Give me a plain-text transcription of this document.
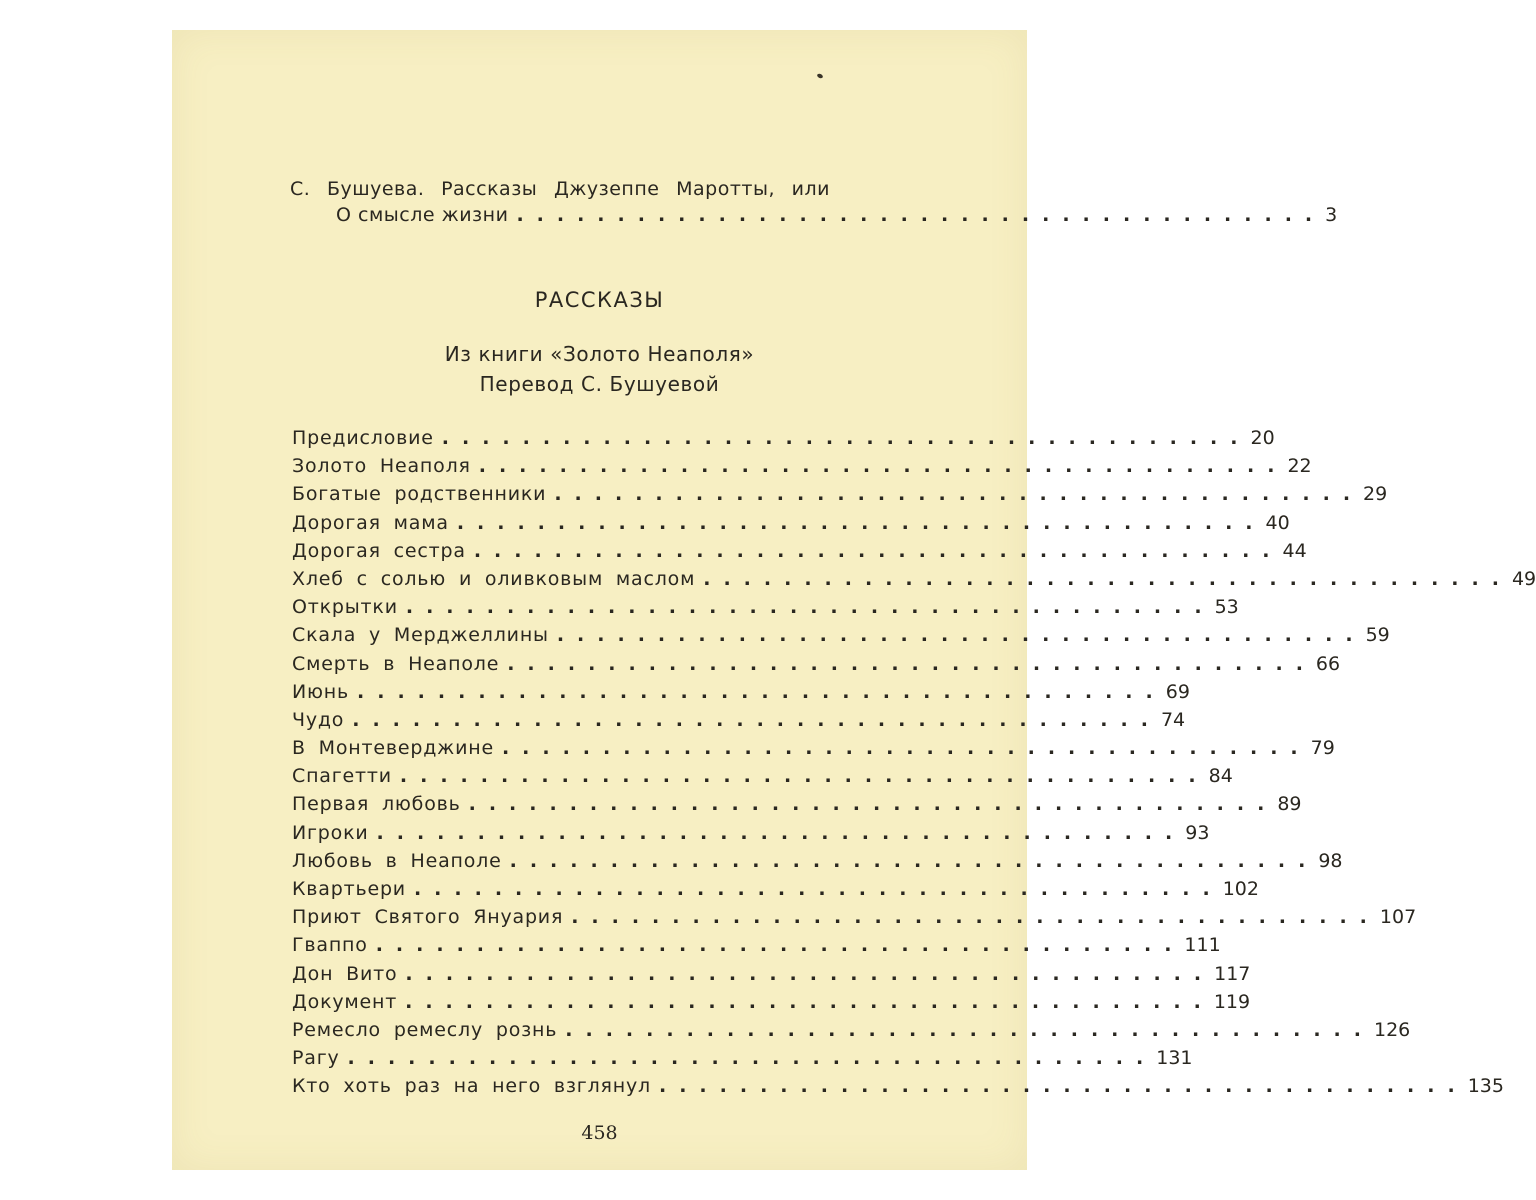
С. Бушуева. Рассказы Джузеппе Маротты, или
О смысле жизни ........................................ 3
РАССКАЗЫ
Из книги «Золото Неаполя»
Перевод С. Бушуевой
Предисловие ........................................ 20
Золото Неаполя ........................................ 22
Богатые родственники ........................................ 29
Дорогая мама ........................................ 40
Дорогая сестра ........................................ 44
Хлеб с солью и оливковым маслом ........................................ 49
Открытки ........................................ 53
Скала у Мерджеллины ........................................ 59
Смерть в Неаполе ........................................ 66
Июнь ........................................ 69
Чудо ........................................ 74
В Монтеверджине ........................................ 79
Спагетти ........................................ 84
Первая любовь ........................................ 89
Игроки ........................................ 93
Любовь в Неаполе ........................................ 98
Квартьери ........................................ 102
Приют Святого Януария ........................................ 107
Гваппо ........................................ 111
Дон Вито ........................................ 117
Документ ........................................ 119
Ремесло ремеслу рознь ........................................ 126
Рагу ........................................ 131
Кто хоть раз на него взглянул ........................................ 135
458
